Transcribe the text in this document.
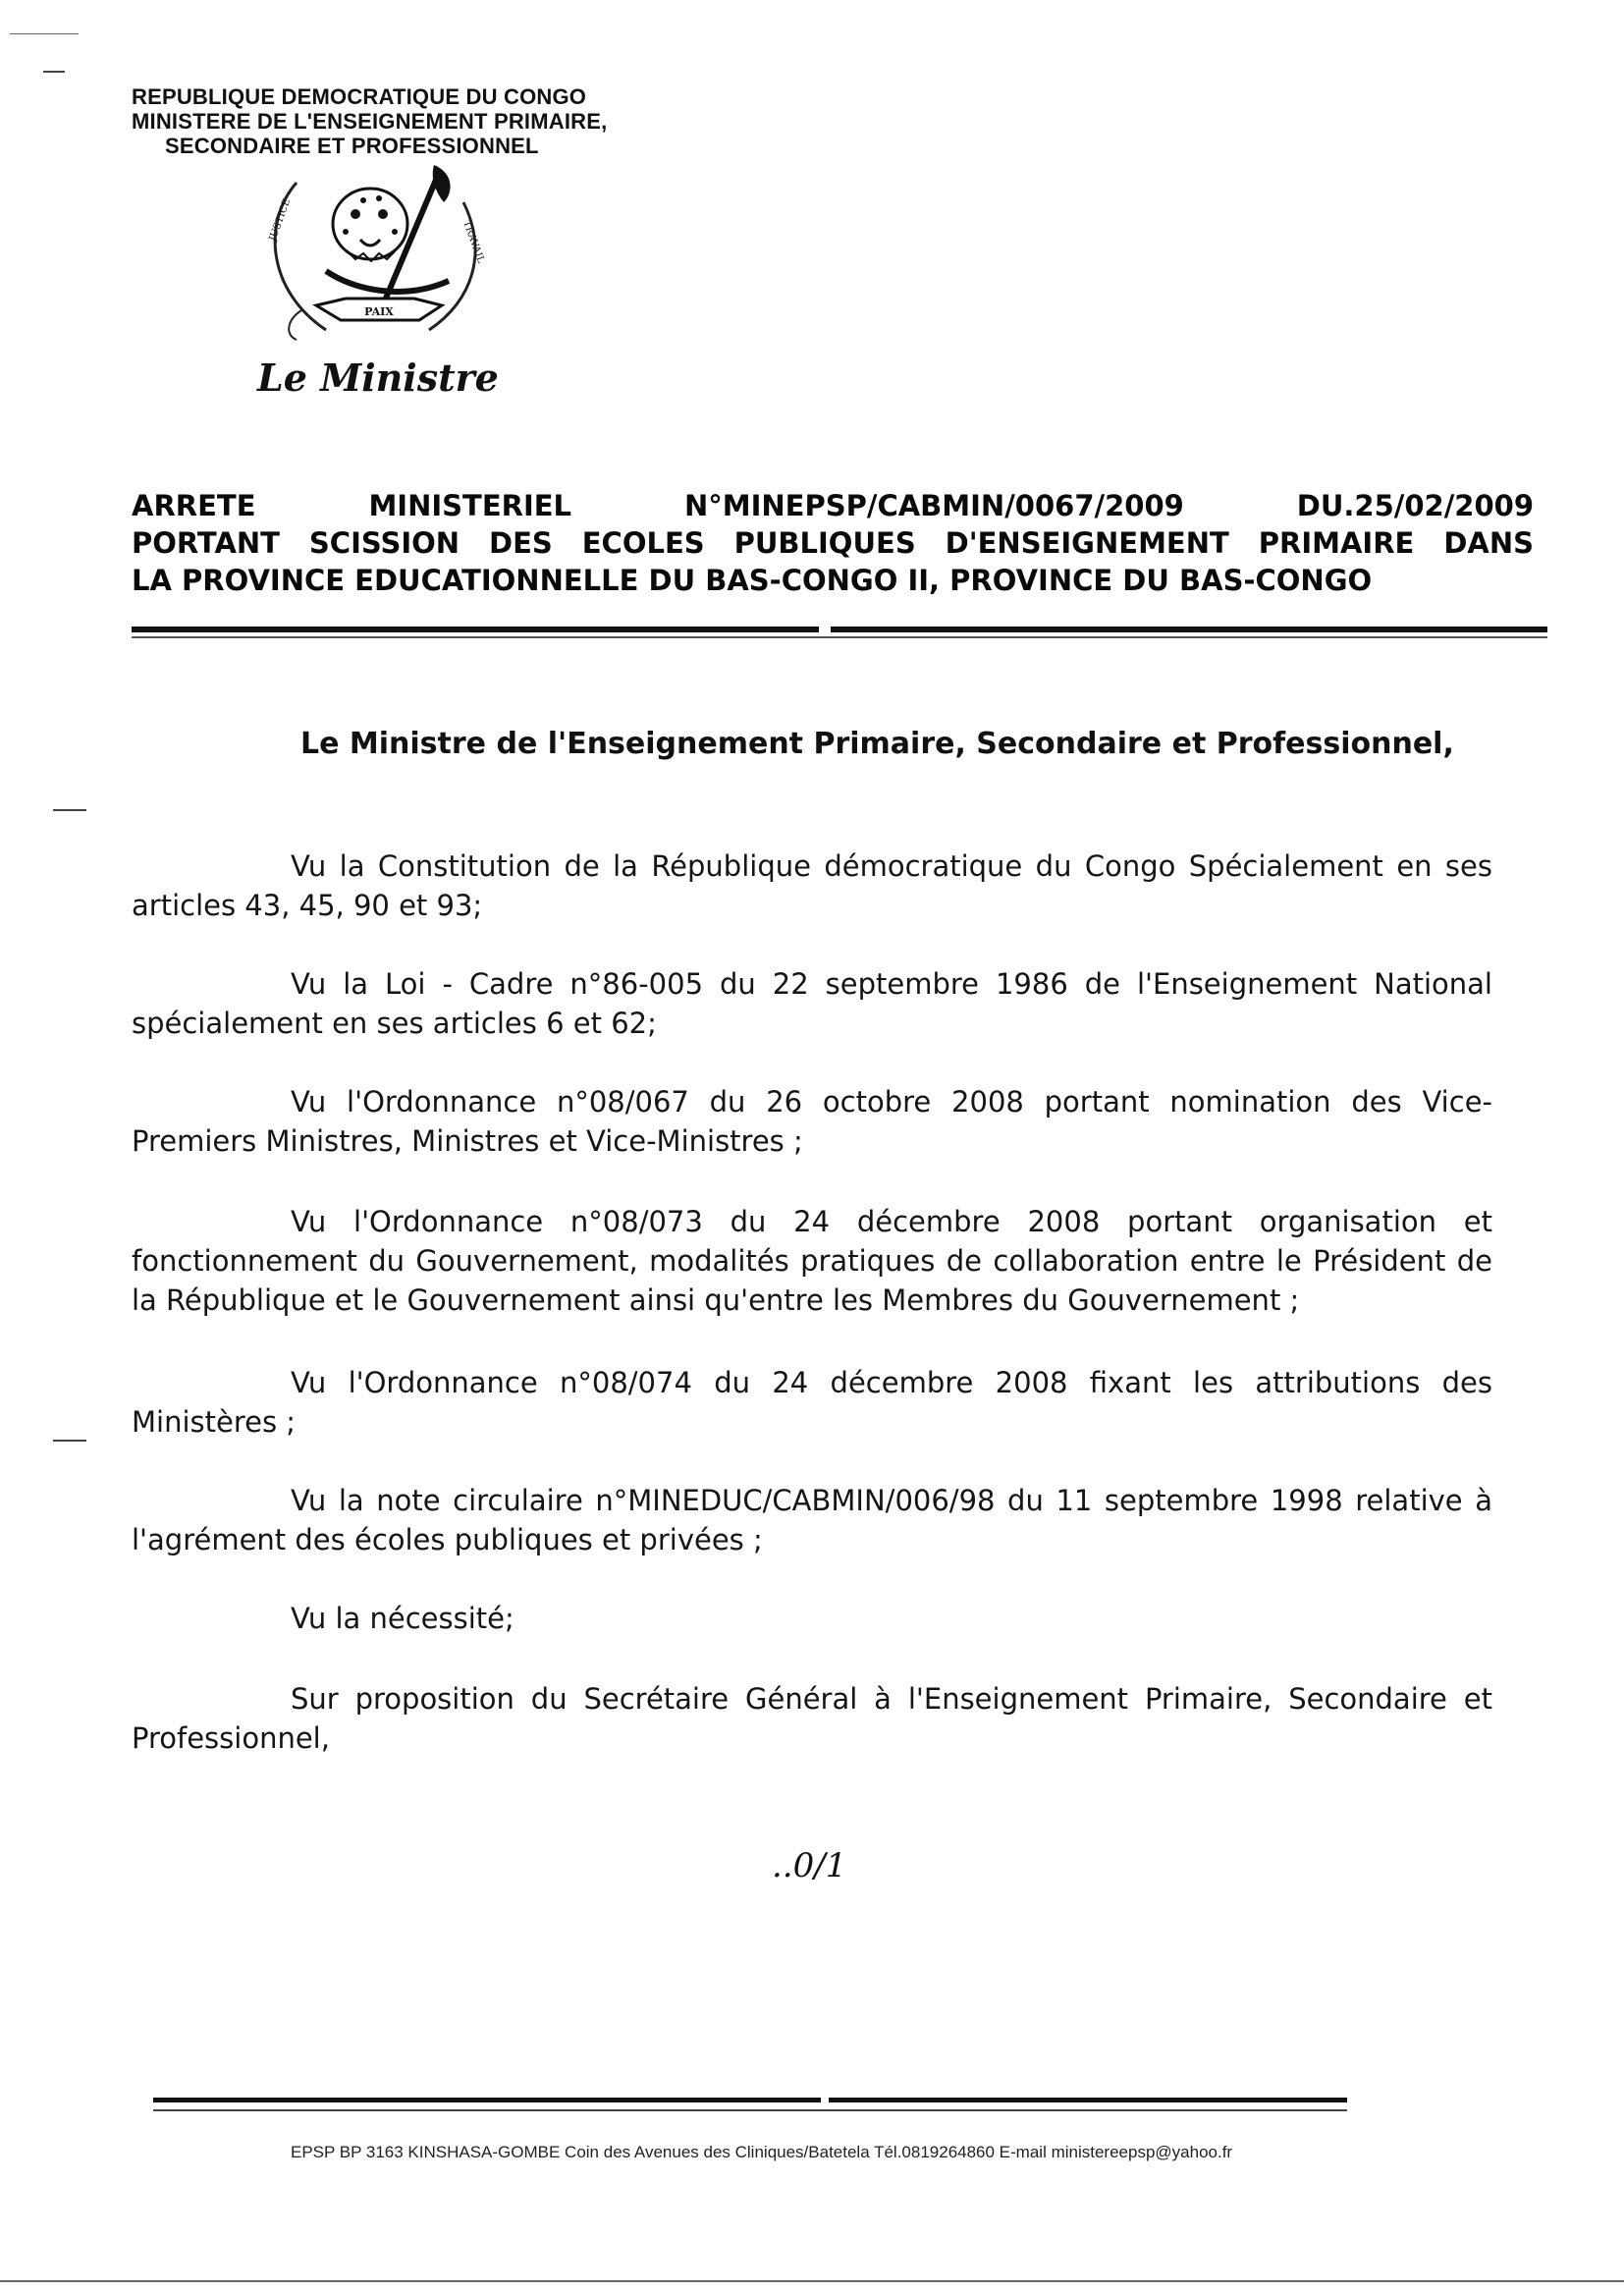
REPUBLIQUE DEMOCRATIQUE DU CONGO
MINISTERE DE L'ENSEIGNEMENT PRIMAIRE,
SECONDAIRE ET PROFESSIONNEL
PAIX
JUSTICE	TRAVAIL
Le Ministre
ARRETE	MINISTERIEL	N°MINEPSP/CABMIN/0067/2009	DU.25/02/2009
PORTANT SCISSION DES ECOLES PUBLIQUES D'ENSEIGNEMENT PRIMAIRE DANS
LA PROVINCE EDUCATIONNELLE DU BAS-CONGO II, PROVINCE DU BAS-CONGO
Le Ministre de l'Enseignement Primaire, Secondaire et Professionnel,
Vu la Constitution de la République démocratique du Congo Spécialement en ses articles 43, 45, 90 et 93;
Vu la Loi - Cadre n°86-005 du 22 septembre 1986 de l'Enseignement National spécialement en ses articles 6 et 62;
Vu l'Ordonnance n°08/067 du 26 octobre 2008 portant nomination des Vice-Premiers Ministres, Ministres et Vice-Ministres ;
Vu l'Ordonnance n°08/073 du 24 décembre 2008 portant organisation et fonctionnement du Gouvernement, modalités pratiques de collaboration entre le Président de la République et le Gouvernement ainsi qu'entre les Membres du Gouvernement ;
Vu l'Ordonnance n°08/074 du 24 décembre 2008 fixant les attributions des Ministères ;
Vu la note circulaire n°MINEDUC/CABMIN/006/98 du 11 septembre 1998 relative à l'agrément des écoles publiques et privées ;
Vu la nécessité;
Sur proposition du Secrétaire Général à l'Enseignement Primaire, Secondaire et Professionnel,
..0/1
EPSP BP 3163 KINSHASA-GOMBE Coin des Avenues des Cliniques/Batetela Tél.0819264860 E-mail ministereepsp@yahoo.fr
